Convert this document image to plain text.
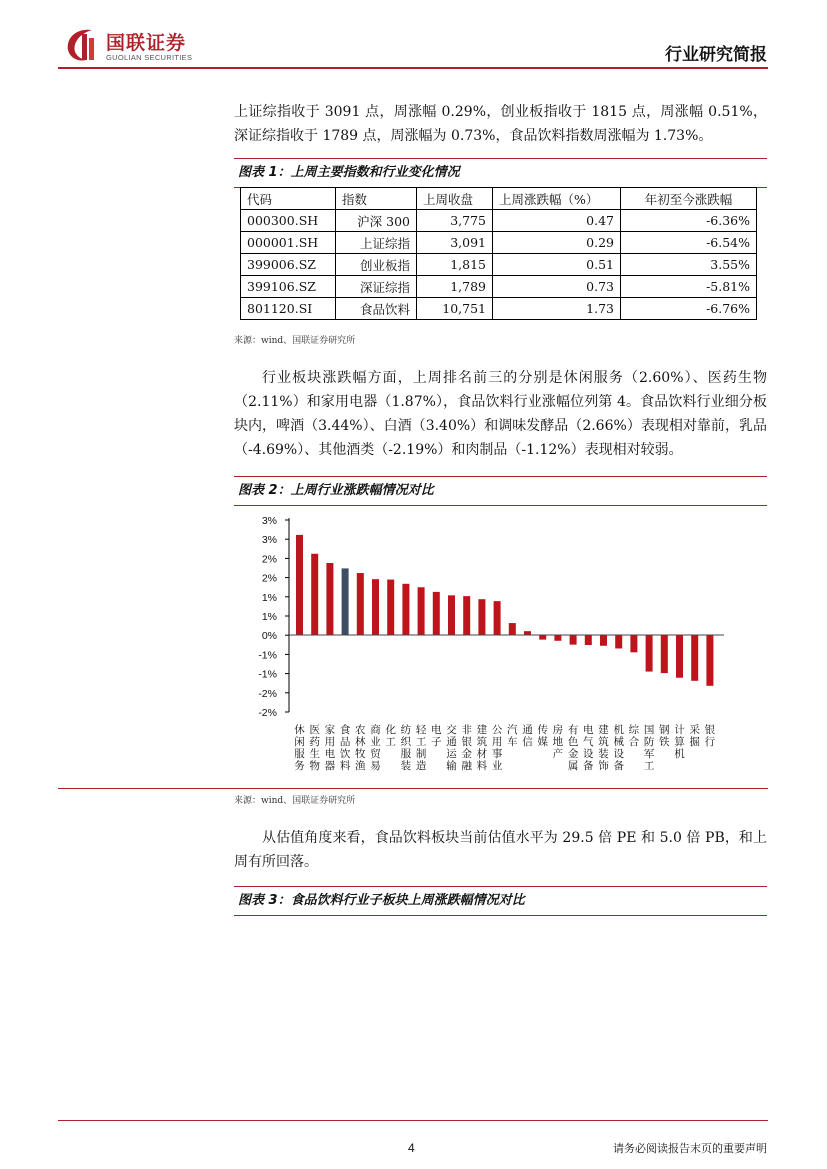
国联证券
GUOLIAN SECURITIES	行业研究简报
上证综指收于 3091 点，周涨幅 0.29%，创业板指收于 1815 点，周涨幅 0.51%，深证综指收于 1789 点，周涨幅为 0.73%，食品饮料指数周涨幅为 1.73%。
图表 1：上周主要指数和行业变化情况
代码	指数	上周收盘	上周涨跌幅（%）	年初至今涨跌幅
000300.SH	沪深 300	3,775	0.47	-6.36%
000001.SH	上证综指	3,091	0.29	-6.54%
399006.SZ	创业板指	1,815	0.51	3.55%
399106.SZ	深证综指	1,789	0.73	-5.81%
801120.SI	食品饮料	10,751	1.73	-6.76%
来源：wind、国联证券研究所
行业板块涨跌幅方面，上周排名前三的分别是休闲服务（2.60%）、医药生物（2.11%）和家用电器（1.87%），食品饮料行业涨幅位列第 4。食品饮料行业细分板块内，啤酒（3.44%）、白酒（3.40%）和调味发酵品（2.66%）表现相对靠前，乳品（-4.69%）、其他酒类（-2.19%）和肉制品（-1.12%）表现相对较弱。
图表 2：上周行业涨跌幅情况对比
3%
3%
2%
2%
1%
1%
0%
-1%
-1%
-2%
-2%
休闲服务
医药生物
家用电器
食品饮料
农林牧渔
商业贸易
化工
纺织服装
轻工制造
电子
交通运输
非银金融
建筑材料
公用事业
汽车
通信
传媒
房地产
有色金属
电气设备
建筑装饰
机械设备
综合
国防军工
钢铁
计算机
采掘
银行
来源：wind、国联证券研究所
从估值角度来看，食品饮料板块当前估值水平为 29.5 倍 PE 和 5.0 倍 PB，和上周有所回落。
图表 3：食品饮料行业子板块上周涨跌幅情况对比
4	请务必阅读报告末页的重要声明
